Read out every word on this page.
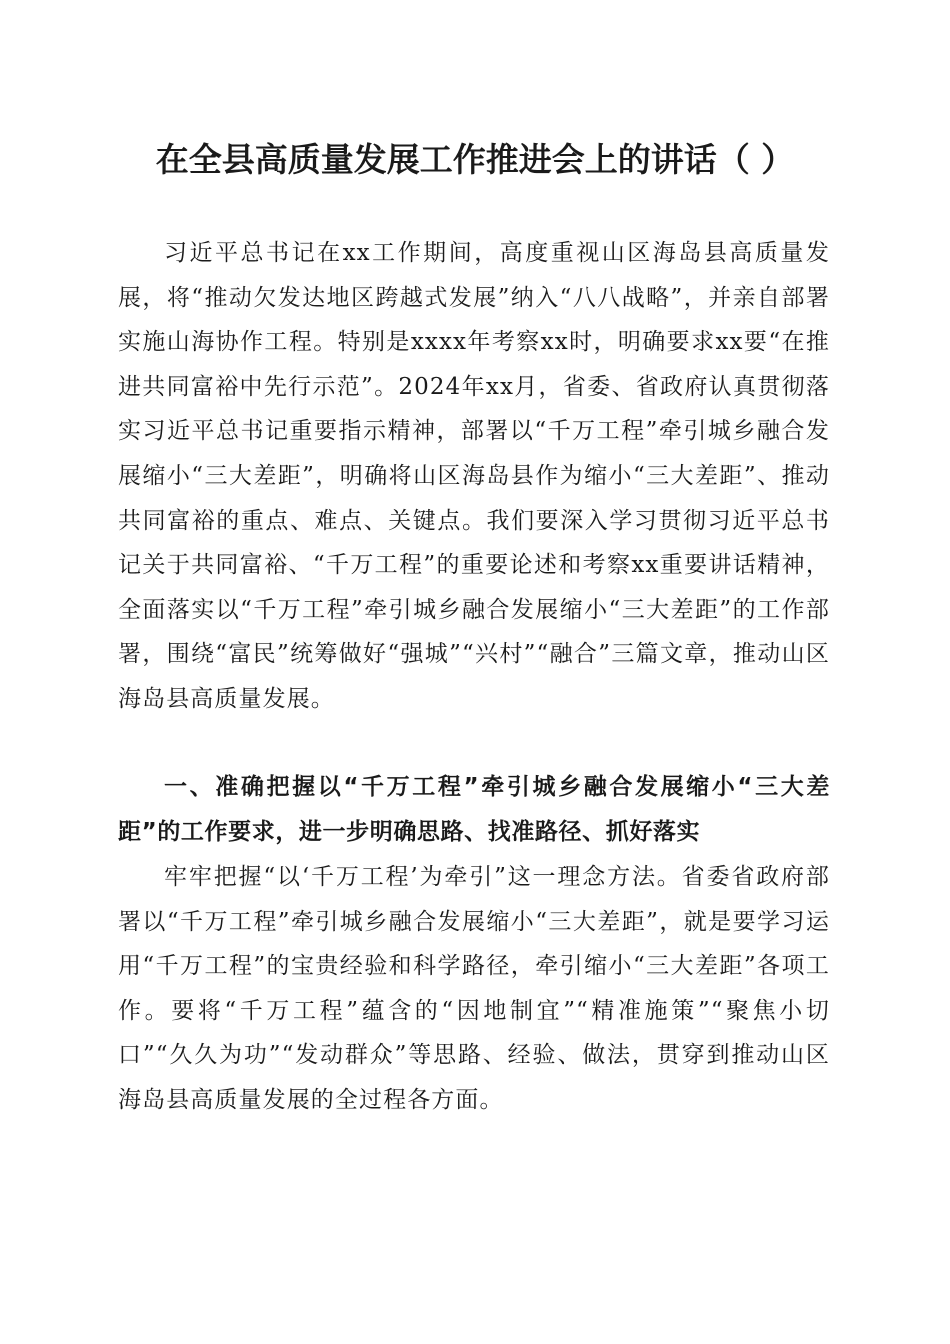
在全县高质量发展工作推进会上的讲话（ ）

习近平总书记在xx工作期间，高度重视山区海岛县高质量发展，将“推动欠发达地区跨越式发展”纳入“八八战略”，并亲自部署实施山海协作工程。特别是xxxx年考察xx时，明确要求xx要“在推进共同富裕中先行示范”。2024年xx月，省委、省政府认真贯彻落实习近平总书记重要指示精神，部署以“千万工程”牵引城乡融合发展缩小“三大差距”，明确将山区海岛县作为缩小“三大差距”、推动共同富裕的重点、难点、关键点。我们要深入学习贯彻习近平总书记关于共同富裕、“千万工程”的重要论述和考察xx重要讲话精神，全面落实以“千万工程”牵引城乡融合发展缩小“三大差距”的工作部署，围绕“富民”统筹做好“强城”“兴村”“融合”三篇文章，推动山区海岛县高质量发展。

一、准确把握以“千万工程”牵引城乡融合发展缩小“三大差距”的工作要求，进一步明确思路、找准路径、抓好落实

牢牢把握“以‘千万工程’为牵引”这一理念方法。省委省政府部署以“千万工程”牵引城乡融合发展缩小“三大差距”，就是要学习运用“千万工程”的宝贵经验和科学路径，牵引缩小“三大差距”各项工作。要将“千万工程”蕴含的“因地制宜”“精准施策”“聚焦小切口”“久久为功”“发动群众”等思路、经验、做法，贯穿到推动山区海岛县高质量发展的全过程各方面。
